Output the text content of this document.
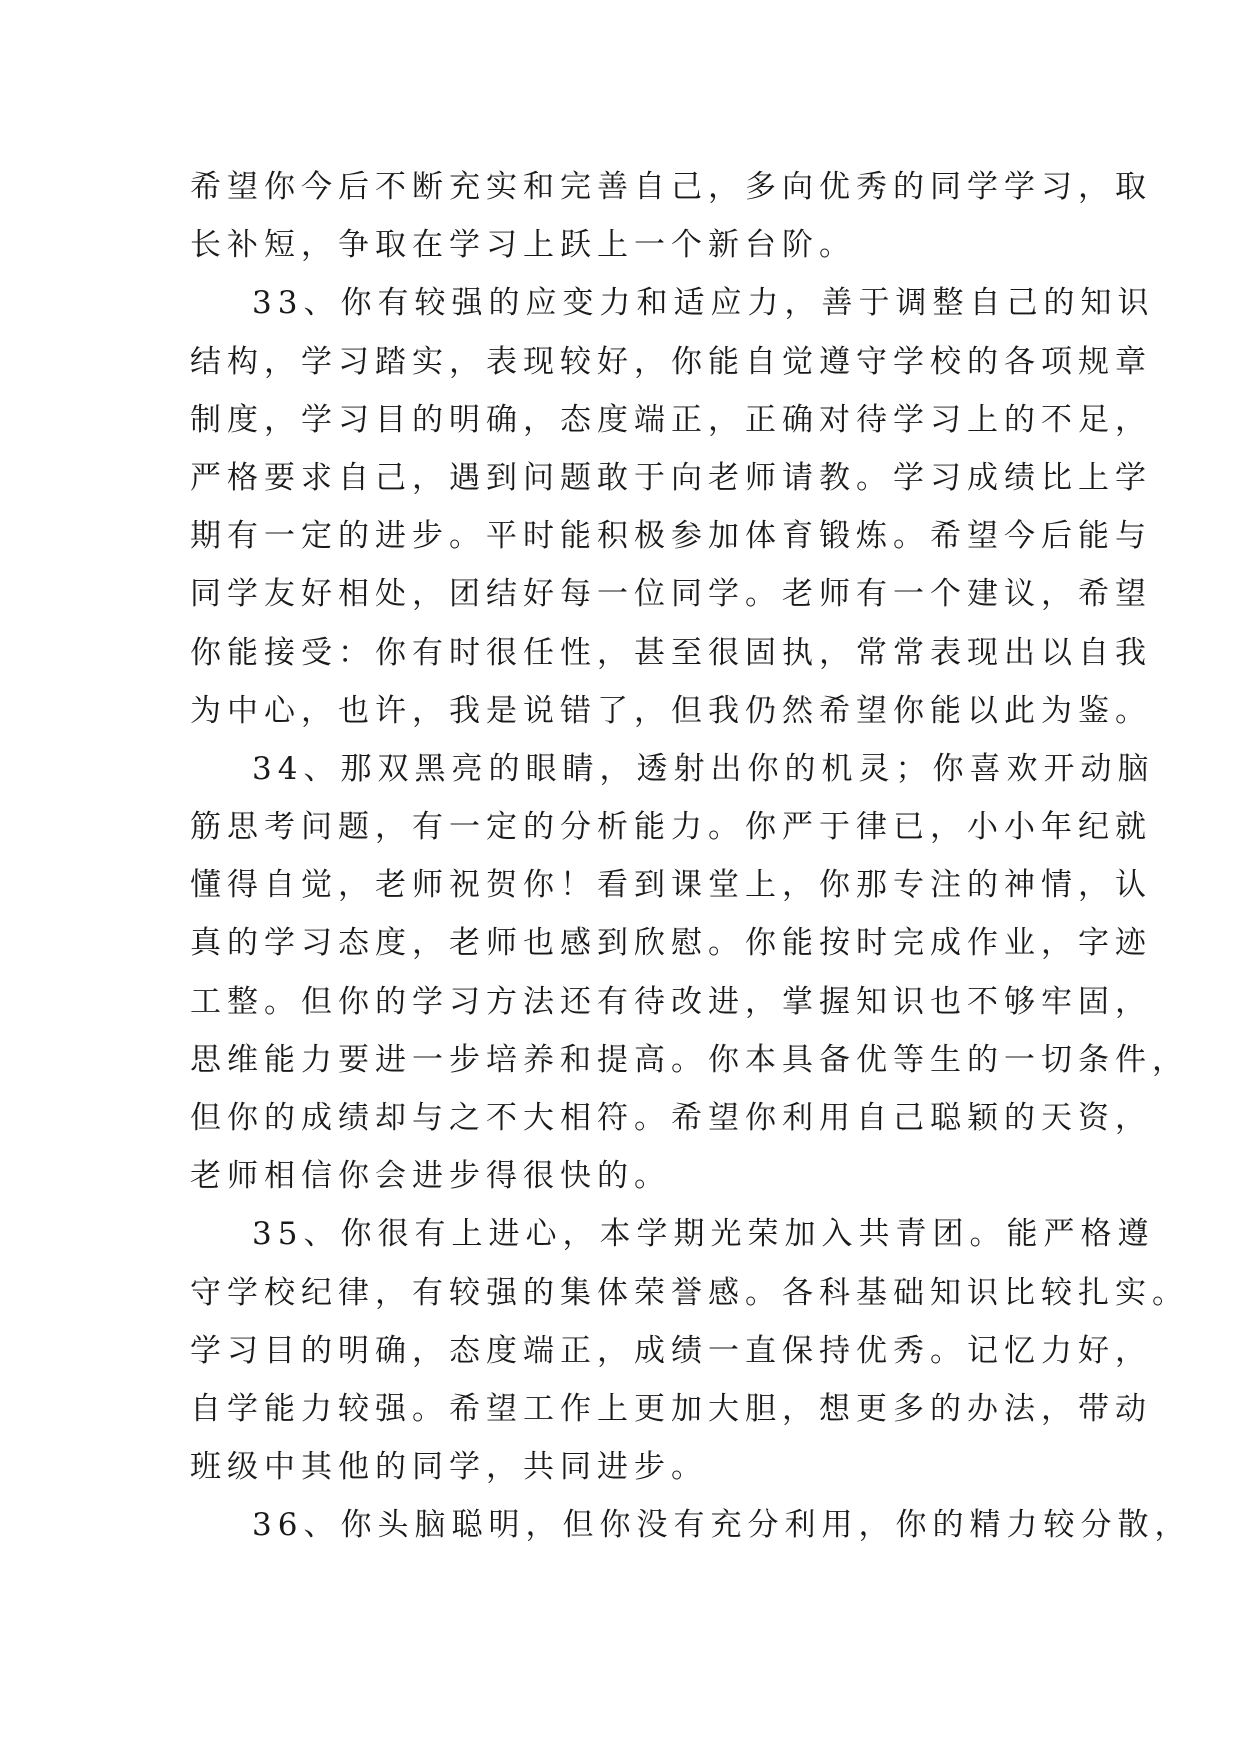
希望你今后不断充实和完善自己，多向优秀的同学学习，取
长补短，争取在学习上跃上一个新台阶。
33、你有较强的应变力和适应力，善于调整自己的知识
结构，学习踏实，表现较好，你能自觉遵守学校的各项规章
制度，学习目的明确，态度端正，正确对待学习上的不足，
严格要求自己，遇到问题敢于向老师请教。学习成绩比上学
期有一定的进步。平时能积极参加体育锻炼。希望今后能与
同学友好相处，团结好每一位同学。老师有一个建议，希望
你能接受：你有时很任性，甚至很固执，常常表现出以自我
为中心，也许，我是说错了，但我仍然希望你能以此为鉴。
34、那双黑亮的眼睛，透射出你的机灵；你喜欢开动脑
筋思考问题，有一定的分析能力。你严于律已，小小年纪就
懂得自觉，老师祝贺你！看到课堂上，你那专注的神情，认
真的学习态度，老师也感到欣慰。你能按时完成作业，字迹
工整。但你的学习方法还有待改进，掌握知识也不够牢固，
思维能力要进一步培养和提高。你本具备优等生的一切条件，
但你的成绩却与之不大相符。希望你利用自己聪颖的天资，
老师相信你会进步得很快的。
35、你很有上进心，本学期光荣加入共青团。能严格遵
守学校纪律，有较强的集体荣誉感。各科基础知识比较扎实。
学习目的明确，态度端正，成绩一直保持优秀。记忆力好，
自学能力较强。希望工作上更加大胆，想更多的办法，带动
班级中其他的同学，共同进步。
36、你头脑聪明，但你没有充分利用，你的精力较分散，
